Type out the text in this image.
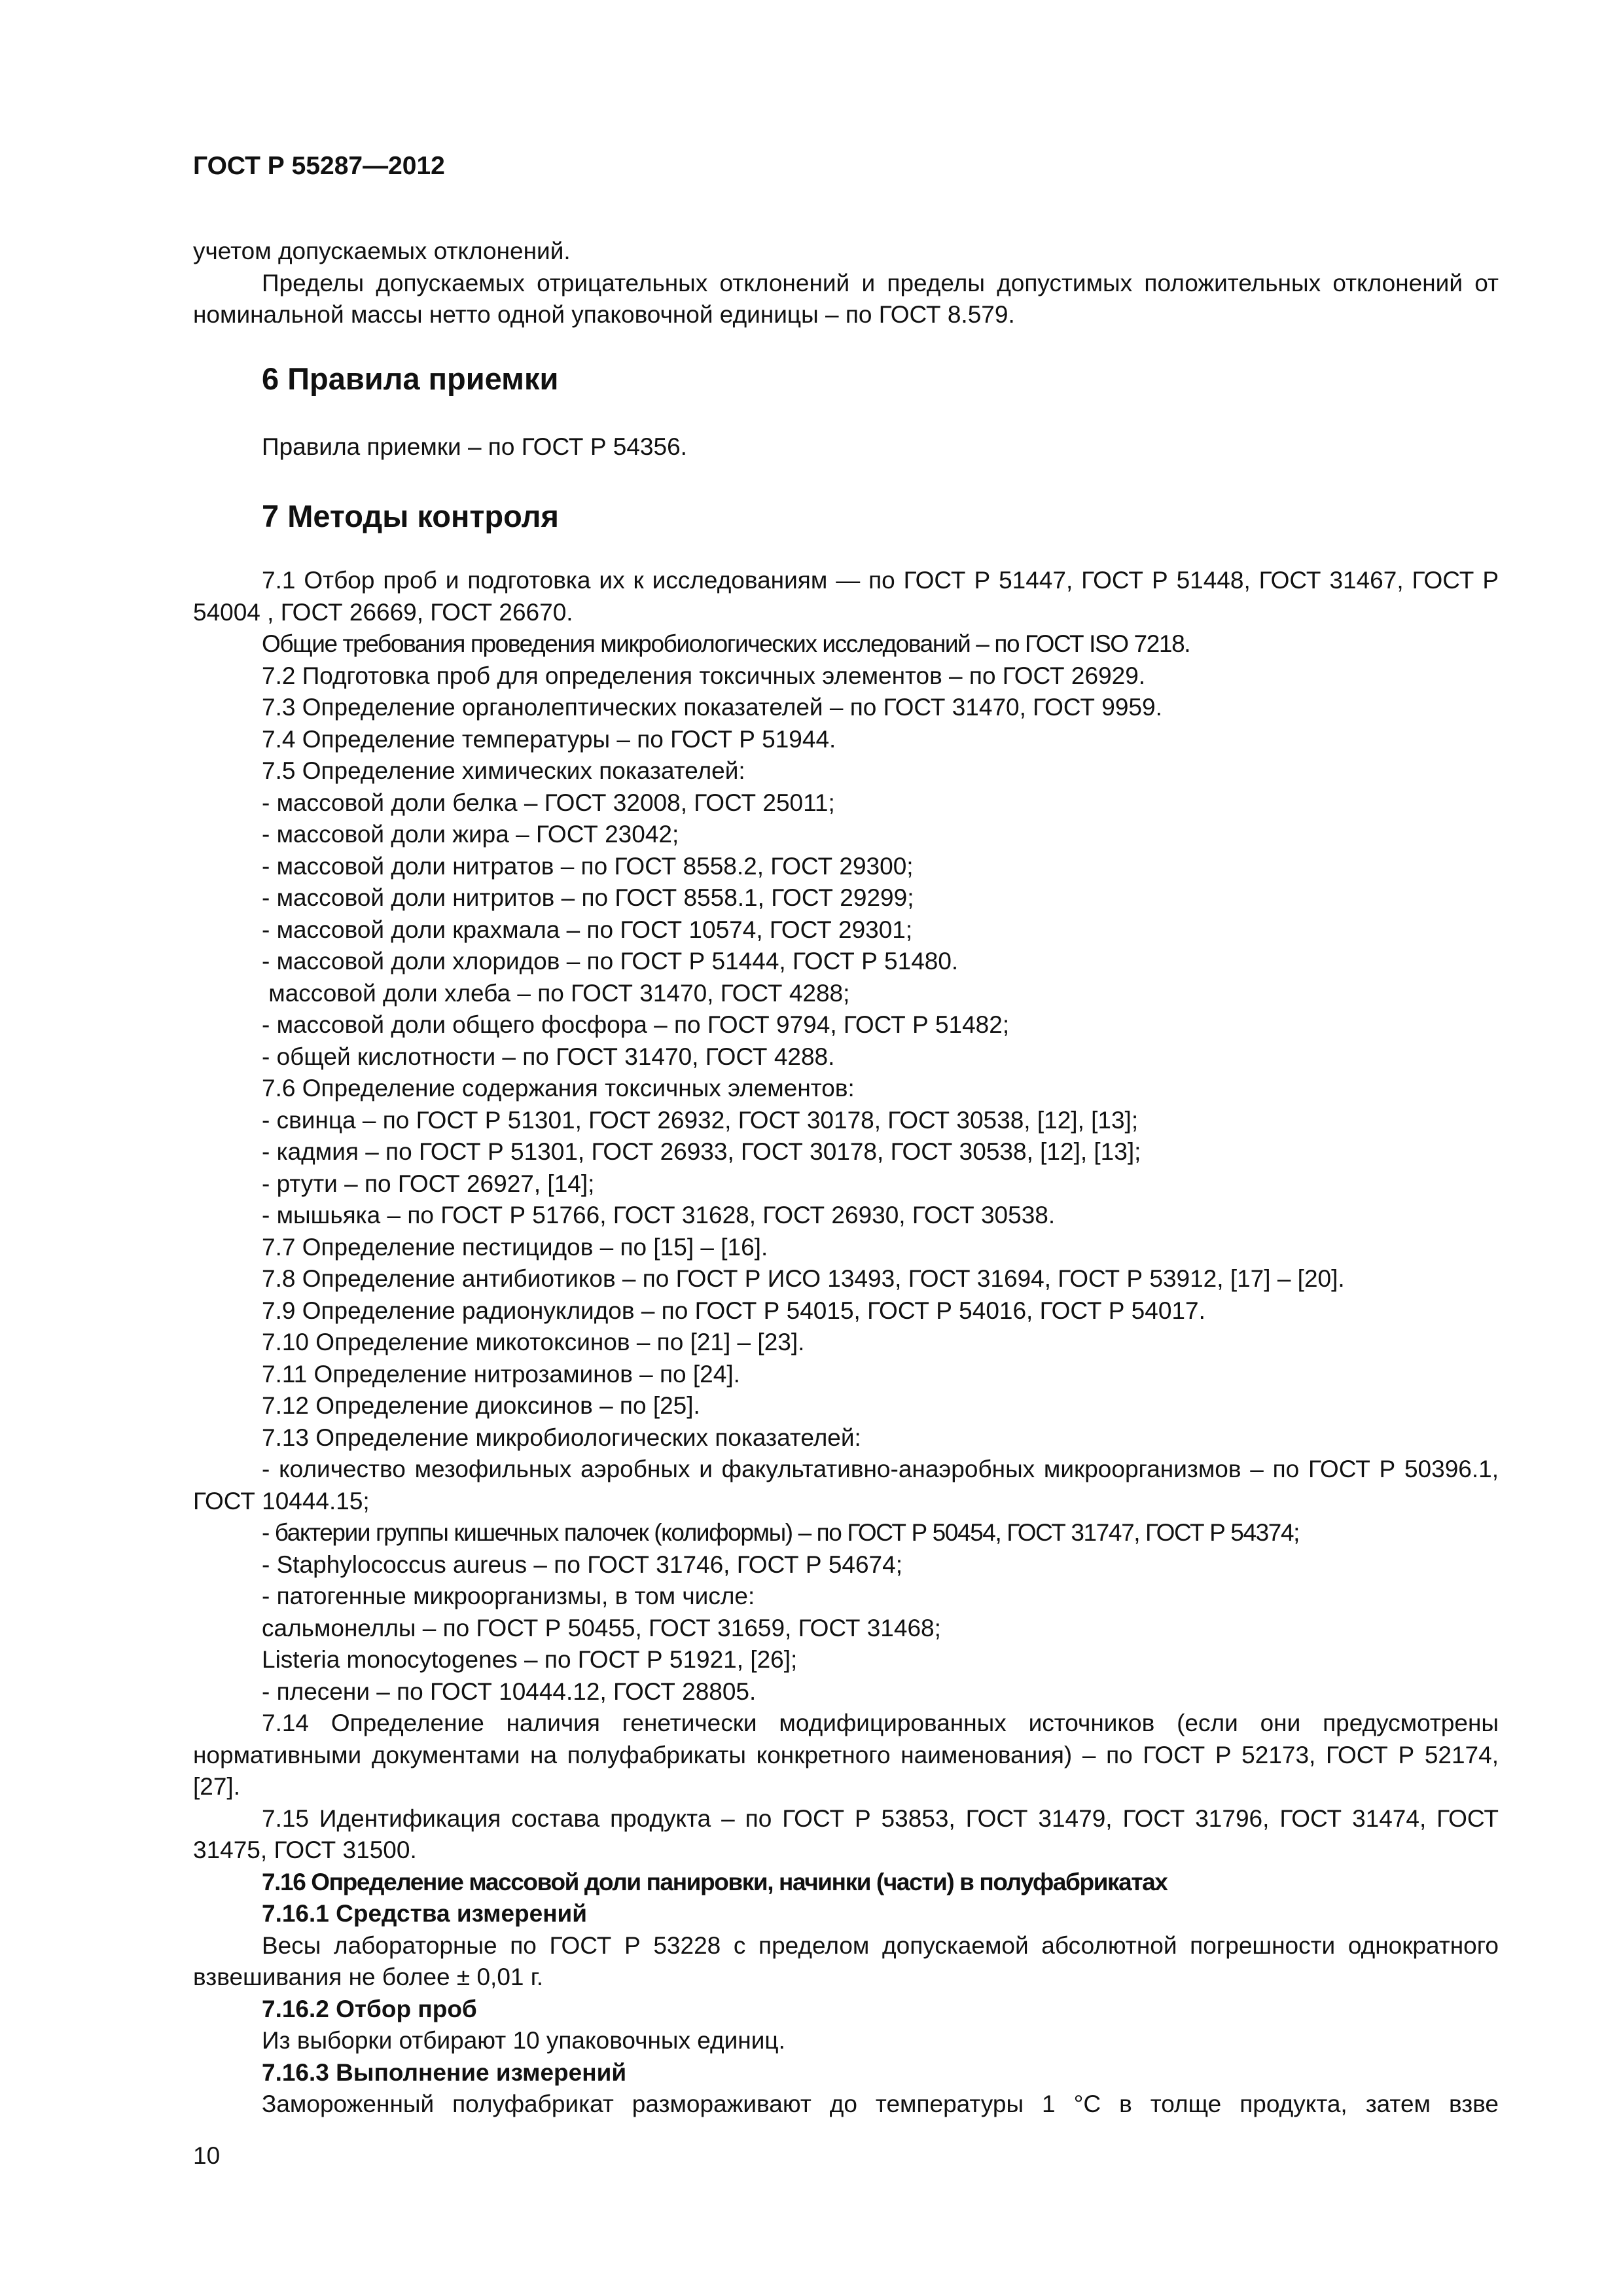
ГОСТ Р 55287—2012

учетом допускаемых отклонений.

Пределы допускаемых отрицательных отклонений и пределы допустимых положительных отклонений от номинальной массы нетто одной упаковочной единицы – по ГОСТ 8.579.

6 Правила приемки

Правила приемки – по ГОСТ Р 54356.

7 Методы контроля

7.1 Отбор проб и подготовка их к исследованиям — по ГОСТ Р 51447, ГОСТ Р 51448, ГОСТ 31467, ГОСТ Р 54004 , ГОСТ 26669, ГОСТ 26670.

Общие требования проведения микробиологических исследований – по ГОСТ ISO 7218.

7.2 Подготовка проб для определения токсичных элементов – по ГОСТ 26929.

7.3 Определение органолептических показателей – по ГОСТ 31470, ГОСТ 9959.

7.4 Определение температуры – по ГОСТ Р 51944.

7.5 Определение химических показателей:

- массовой доли белка – ГОСТ 32008, ГОСТ 25011;

- массовой доли жира – ГОСТ 23042;

- массовой доли нитратов – по ГОСТ 8558.2, ГОСТ 29300;

- массовой доли нитритов – по ГОСТ 8558.1, ГОСТ 29299;

- массовой доли крахмала – по ГОСТ 10574, ГОСТ 29301;

- массовой доли хлоридов – по ГОСТ Р 51444, ГОСТ Р 51480.

массовой доли хлеба – по ГОСТ 31470, ГОСТ 4288;

- массовой доли общего фосфора – по ГОСТ 9794, ГОСТ Р 51482;

- общей кислотности – по ГОСТ 31470, ГОСТ 4288.

7.6 Определение содержания токсичных элементов:

- свинца – по ГОСТ Р 51301, ГОСТ 26932, ГОСТ 30178, ГОСТ 30538, [12], [13];

- кадмия – по ГОСТ Р 51301, ГОСТ 26933, ГОСТ 30178, ГОСТ 30538, [12], [13];

- ртути – по ГОСТ 26927, [14];

- мышьяка – по ГОСТ Р 51766, ГОСТ 31628, ГОСТ 26930, ГОСТ 30538.

7.7 Определение пестицидов – по [15] – [16].

7.8 Определение антибиотиков – по ГОСТ Р ИСО 13493, ГОСТ 31694, ГОСТ Р 53912, [17] – [20].

7.9 Определение радионуклидов – по ГОСТ Р 54015, ГОСТ Р 54016, ГОСТ Р 54017.

7.10 Определение микотоксинов – по [21] – [23].

7.11 Определение нитрозаминов – по [24].

7.12 Определение диоксинов – по [25].

7.13 Определение микробиологических показателей:

- количество мезофильных аэробных и факультативно-анаэробных микроорганизмов – по ГОСТ Р 50396.1, ГОСТ 10444.15;

- бактерии группы кишечных палочек (колиформы) – по ГОСТ Р 50454, ГОСТ 31747, ГОСТ Р 54374;

- Staphylococcus aureus – по ГОСТ 31746, ГОСТ Р 54674;

- патогенные микроорганизмы, в том числе:

сальмонеллы – по ГОСТ Р 50455, ГОСТ 31659, ГОСТ 31468;

Listeria monocytogenes – по ГОСТ Р 51921, [26];

- плесени – по ГОСТ 10444.12, ГОСТ 28805.

7.14 Определение наличия генетически модифицированных источников (если они предусмотрены нормативными документами на полуфабрикаты конкретного наименования) – по ГОСТ Р 52173, ГОСТ Р 52174, [27].

7.15 Идентификация состава продукта – по ГОСТ Р 53853, ГОСТ 31479, ГОСТ 31796, ГОСТ 31474, ГОСТ 31475, ГОСТ 31500.

7.16 Определение массовой доли панировки, начинки (части) в полуфабрикатах

7.16.1 Средства измерений

Весы лабораторные по ГОСТ Р 53228 с пределом допускаемой абсолютной погрешности однократного взвешивания не более ± 0,01 г.

7.16.2 Отбор проб

Из выборки отбирают 10 упаковочных единиц.

7.16.3 Выполнение измерений

Замороженный полуфабрикат размораживают до температуры 1 °С в толще продукта, затем взве

10
